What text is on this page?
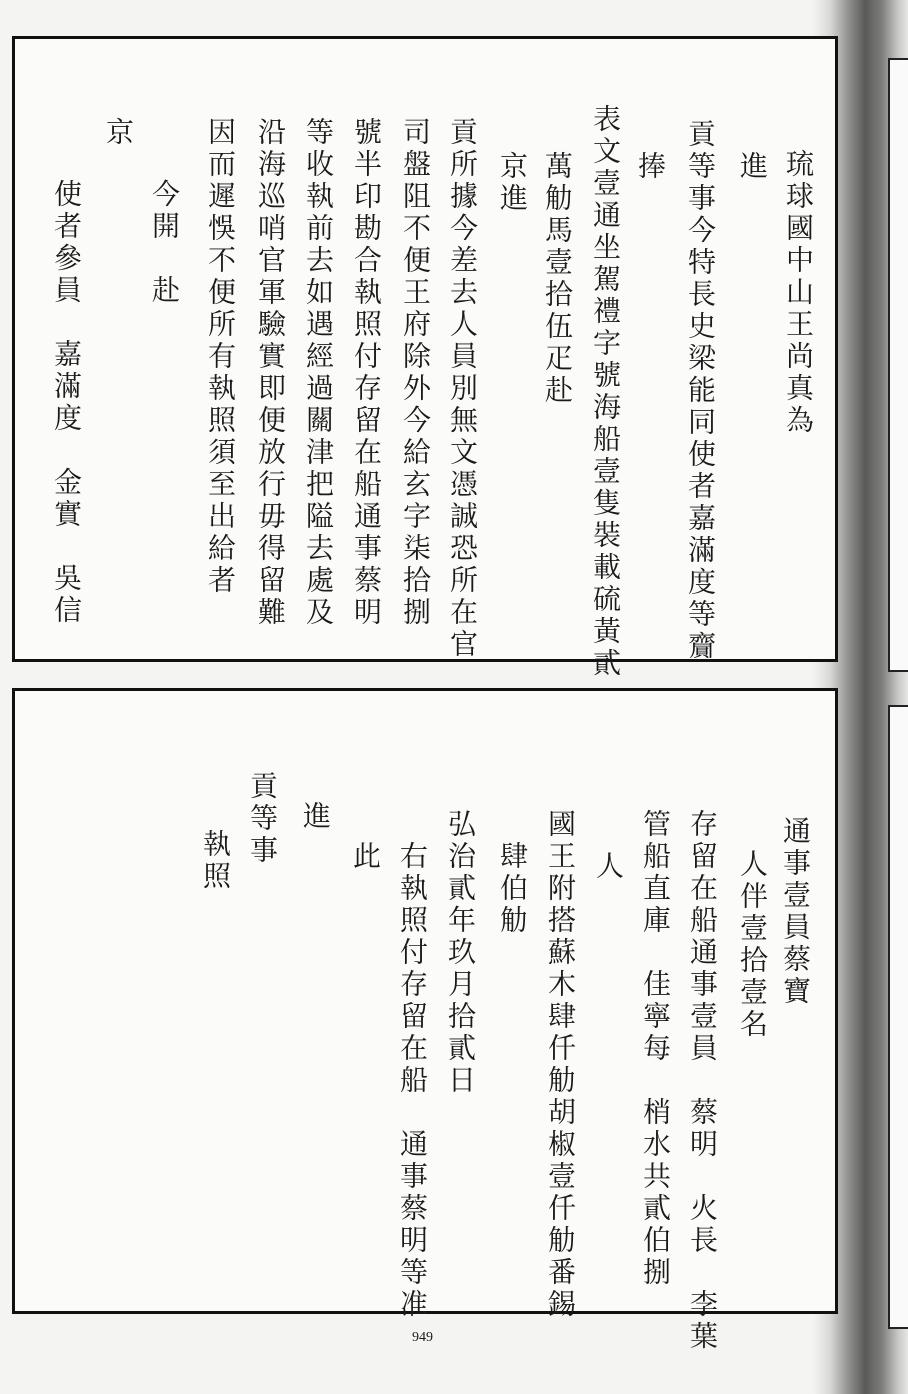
琉球國中山王尚真為
進
貢等事今特長史梁能同使者嘉滿度等齎
捧
表文壹通坐駕禮字號海船壹隻裝載硫黃貳
萬觔馬壹拾伍疋赴
京進
貢所據今差去人員別無文憑誠恐所在官
司盤阻不便王府除外今給玄字柒拾捌
號半印勘合執照付存留在船通事蔡明
等收執前去如遇經過關津把隘去處及
沿海巡哨官軍驗實即便放行毋得留難
因而遲悞不便所有執照須至出給者
今開　赴
京
使者參員　嘉滿度　金實　吳信
通事壹員蔡寶
人伴壹拾壹名
存留在船通事壹員　蔡明　火長　李葉
管船直庫　佳寧每　梢水共貳伯捌
人
國王附搭蘇木肆仟觔胡椒壹仟觔番錫
肆伯觔
弘治貳年玖月拾貳日
右執照付存留在船　通事蔡明等准
此
進
貢等事
執照
949
